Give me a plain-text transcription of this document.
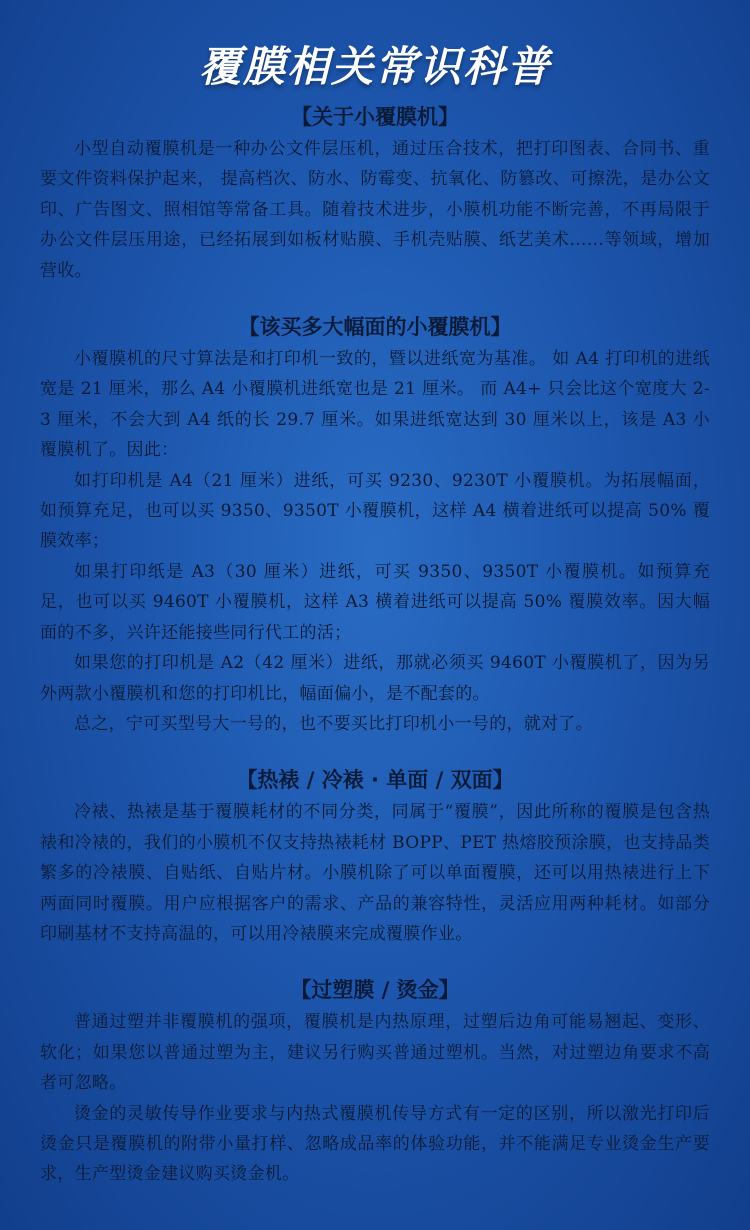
覆膜相关常识科普
【关于小覆膜机】

小型自动覆膜机是一种办公文件层压机，通过压合技术，把打印图表、合同书、重要文件资料保护起来， 提高档次、防水、防霉变、抗氧化、防篡改、可擦洗，是办公文印、广告图文、照相馆等常备工具。随着技术进步，小膜机功能不断完善，不再局限于办公文件层压用途，已经拓展到如板材贴膜、手机壳贴膜、纸艺美术……等领域，增加营收。

【该买多大幅面的小覆膜机】

小覆膜机的尺寸算法是和打印机一致的，暨以进纸宽为基准。 如 A4 打印机的进纸宽是 21 厘米，那么 A4 小覆膜机进纸宽也是 21 厘米。 而 A4+ 只会比这个宽度大 2-3 厘米，不会大到 A4 纸的长 29.7 厘米。如果进纸宽达到 30 厘米以上，该是 A3 小覆膜机了。因此：

如打印机是 A4（21 厘米）进纸，可买 9230、9230T 小覆膜机。为拓展幅面，如预算充足，也可以买 9350、9350T 小覆膜机，这样 A4 横着进纸可以提高 50% 覆膜效率；

如果打印纸是 A3（30 厘米）进纸，可买 9350、9350T 小覆膜机。如预算充足，也可以买 9460T 小覆膜机，这样 A3 横着进纸可以提高 50% 覆膜效率。因大幅面的不多，兴许还能接些同行代工的活；

如果您的打印机是 A2（42 厘米）进纸，那就必须买 9460T 小覆膜机了，因为另外两款小覆膜机和您的打印机比，幅面偏小，是不配套的。

总之，宁可买型号大一号的，也不要买比打印机小一号的，就对了。

【热裱 / 冷裱 · 单面 / 双面】

冷裱、热裱是基于覆膜耗材的不同分类，同属于“覆膜”，因此所称的覆膜是包含热裱和冷裱的，我们的小膜机不仅支持热裱耗材 BOPP、PET 热熔胶预涂膜，也支持品类繁多的冷裱膜、自贴纸、自贴片材。小膜机除了可以单面覆膜，还可以用热裱进行上下两面同时覆膜。用户应根据客户的需求、产品的兼容特性，灵活应用两种耗材。如部分印刷基材不支持高温的，可以用冷裱膜来完成覆膜作业。

【过塑膜 / 烫金】

普通过塑并非覆膜机的强项，覆膜机是内热原理，过塑后边角可能易翘起、变形、软化；如果您以普通过塑为主，建议另行购买普通过塑机。当然，对过塑边角要求不高者可忽略。

烫金的灵敏传导作业要求与内热式覆膜机传导方式有一定的区别，所以激光打印后烫金只是覆膜机的附带小量打样、忽略成品率的体验功能，并不能满足专业烫金生产要求，生产型烫金建议购买烫金机。
